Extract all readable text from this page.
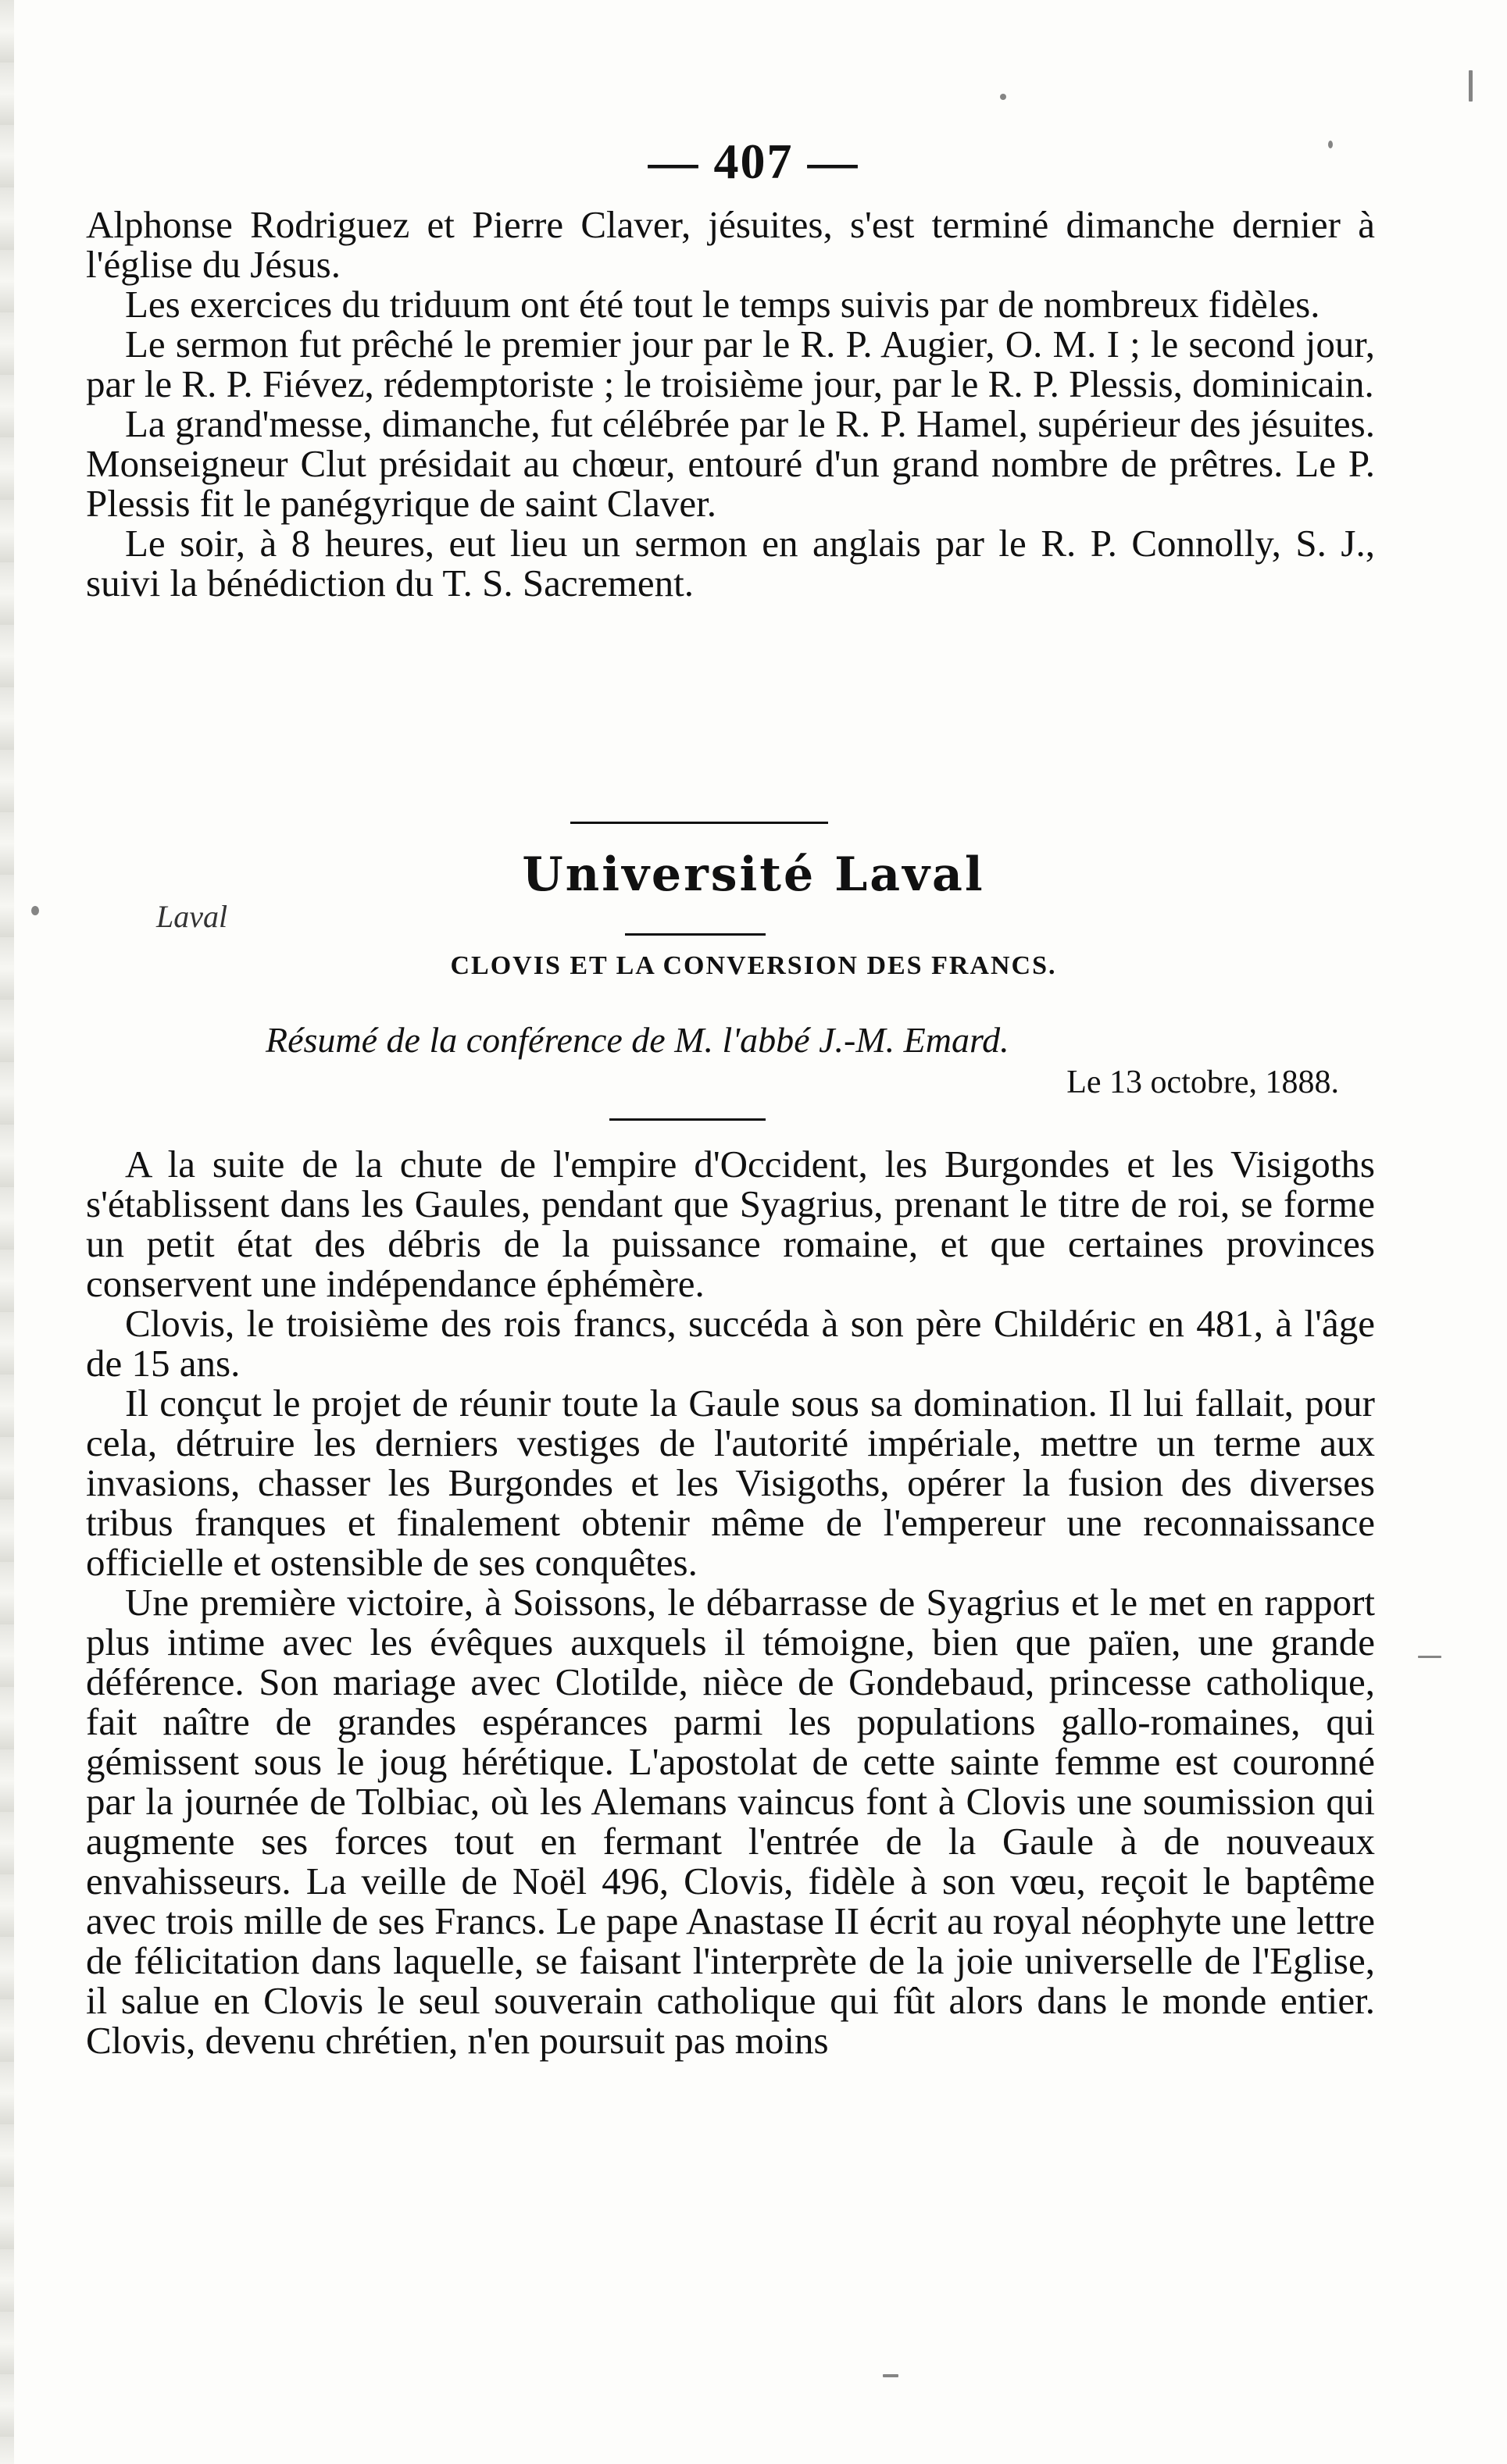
— 407 —

Alphonse Rodriguez et Pierre Claver, jésuites, s'est terminé dimanche dernier à l'église du Jésus.

Les exercices du triduum ont été tout le temps suivis par de nombreux fidèles.

Le sermon fut prêché le premier jour par le R. P. Augier, O. M. I ; le second jour, par le R. P. Fiévez, rédemptoriste ; le troisième jour, par le R. P. Plessis, dominicain.

La grand'messe, dimanche, fut célébrée par le R. P. Hamel, supérieur des jésuites. Monseigneur Clut présidait au chœur, entouré d'un grand nombre de prêtres. Le P. Plessis fit le panégyrique de saint Claver.

Le soir, à 8 heures, eut lieu un sermon en anglais par le R. P. Connolly, S. J., suivi la bénédiction du T. S. Sacrement.

Université Laval
Laval
CLOVIS ET LA CONVERSION DES FRANCS.
Résumé de la conférence de M. l'abbé J.-M. Emard.
Le 13 octobre, 1888.

A la suite de la chute de l'empire d'Occident, les Burgondes et les Visigoths s'établissent dans les Gaules, pendant que Syagrius, prenant le titre de roi, se forme un petit état des débris de la puissance romaine, et que certaines provinces conservent une indépendance éphémère.

Clovis, le troisième des rois francs, succéda à son père Childéric en 481, à l'âge de 15 ans.

Il conçut le projet de réunir toute la Gaule sous sa domination. Il lui fallait, pour cela, détruire les derniers vestiges de l'autorité impériale, mettre un terme aux invasions, chasser les Burgondes et les Visigoths, opérer la fusion des diverses tribus franques et finalement obtenir même de l'empereur une reconnaissance officielle et ostensible de ses conquêtes.

Une première victoire, à Soissons, le débarrasse de Syagrius et le met en rapport plus intime avec les évêques auxquels il témoigne, bien que païen, une grande déférence. Son mariage avec Clotilde, nièce de Gondebaud, princesse catholique, fait naître de grandes espérances parmi les populations gallo-romaines, qui gémissent sous le joug hérétique. L'apostolat de cette sainte femme est couronné par la journée de Tolbiac, où les Alemans vaincus font à Clovis une soumission qui augmente ses forces tout en fermant l'entrée de la Gaule à de nouveaux envahisseurs. La veille de Noël 496, Clovis, fidèle à son vœu, reçoit le baptême avec trois mille de ses Francs. Le pape Anastase II écrit au royal néophyte une lettre de félicitation dans laquelle, se faisant l'interprète de la joie universelle de l'Eglise, il salue en Clovis le seul souverain catholique qui fût alors dans le monde entier. Clovis, devenu chrétien, n'en poursuit pas moins
